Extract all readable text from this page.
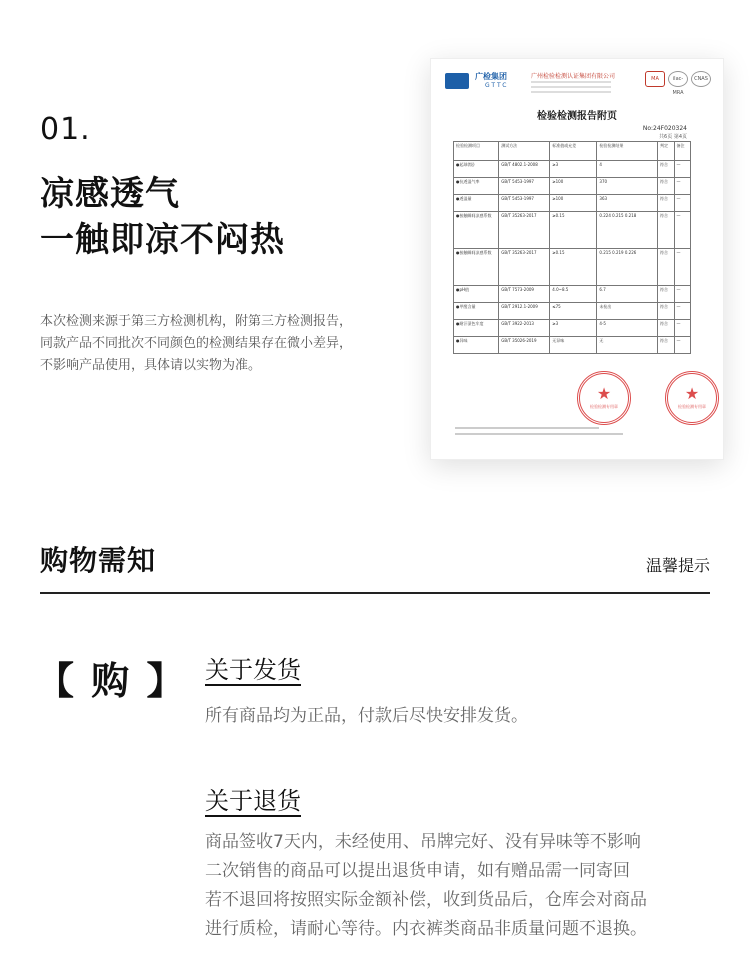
01.
凉感透气
一触即凉不闷热
本次检测来源于第三方检测机构，附第三方检测报告，
同款产品不同批次不同颜色的检测结果存在微小差异，
不影响产品使用，具体请以实物为准。
广检集团
GTTC
广州检验检测认证集团有限公司	MA	ilac-MRA
CNAS
检验检测报告附页
No:24F020324
共6页 第4页
检验检测项目	测试方法	标准值或允差	检验检测结果	判定	备注
●起球(级)	GB/T 4802.1-2008	≥3	4	符合	—
●抗透湿气率	GB/T 5453-1997	≥100	370	符合	—
●透湿量	GB/T 5453-1997	≥100	363	符合	—
●接触瞬间凉感系数	GB/T 35263-2017	≥0.15	0.224 0.215 0.218	符合	—
●接触瞬间凉感系数	GB/T 35263-2017	≥0.15	0.215 0.219 0.226	符合	—
●pH值	GB/T 7573-2009	4.0~8.5	6.7	符合	—
●甲醛含量	GB/T 2912.1-2009	≤75	未检出	符合	—
●耐汗渍色牢度	GB/T 3922-2013	≥3	4-5	符合	—
●异味	GB/T 35026-2019	无异味	无	符合	—
★
检验检测专用章
★
检验检测专用章
购物需知	温馨提示
【 购 】 关于发货
所有商品均为正品，付款后尽快安排发货。
关于退货
商品签收7天内，未经使用、吊牌完好、没有异味等不影响
二次销售的商品可以提出退货申请，如有赠品需一同寄回
若不退回将按照实际金额补偿，收到货品后，仓库会对商品
进行质检，请耐心等待。内衣裤类商品非质量问题不退换。
